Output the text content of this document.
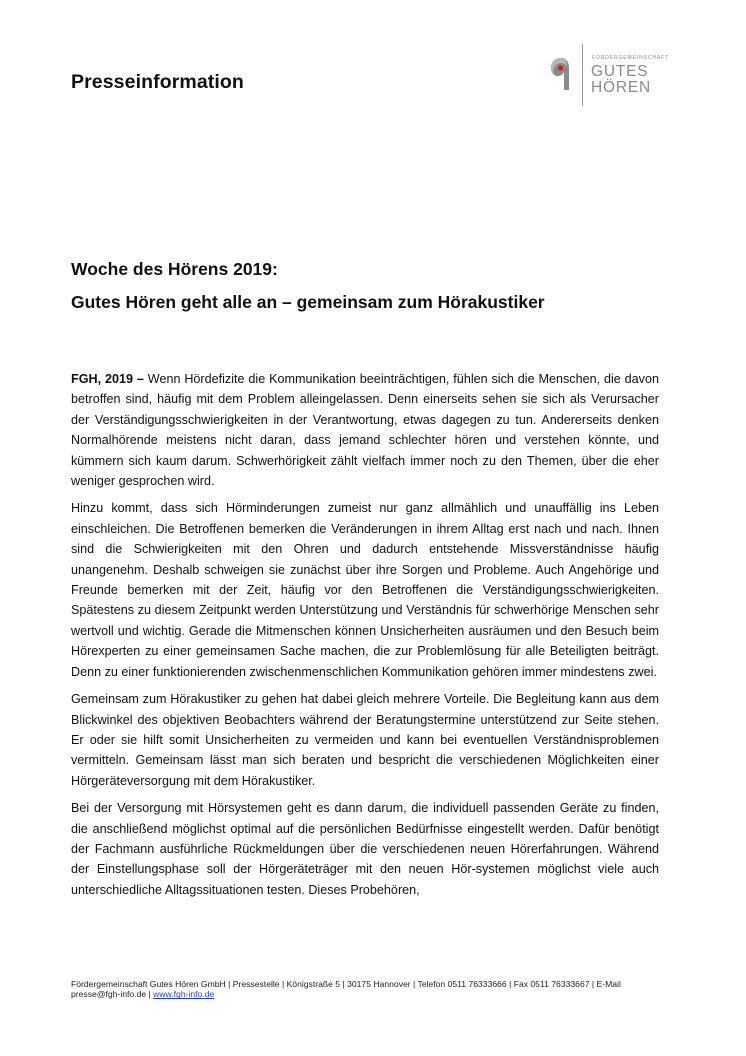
Presseinformation
FÖRDERGEMEINSCHAFT
GUTES
HÖREN
Woche des Hörens 2019:
Gutes Hören geht alle an – gemeinsam zum Hörakustiker

FGH, 2019 – Wenn Hördefizite die Kommunikation beeinträchtigen, fühlen sich die Menschen, die davon betroffen sind, häufig mit dem Problem alleingelassen. Denn einerseits sehen sie sich als Verursacher der Verständigungsschwierigkeiten in der Verantwortung, etwas dagegen zu tun. Andererseits denken Normalhörende meistens nicht daran, dass jemand schlechter hören und verstehen könnte, und kümmern sich kaum darum. Schwerhörigkeit zählt vielfach immer noch zu den Themen, über die eher weniger gesprochen wird.

Hinzu kommt, dass sich Hörminderungen zumeist nur ganz allmählich und unauffällig ins Leben einschleichen. Die Betroffenen bemerken die Veränderungen in ihrem Alltag erst nach und nach. Ihnen sind die Schwierigkeiten mit den Ohren und dadurch entstehende Missverständnisse häufig unangenehm. Deshalb schweigen sie zunächst über ihre Sorgen und Probleme. Auch Angehörige und Freunde bemerken mit der Zeit, häufig vor den Betroffenen die Verständigungsschwierigkeiten. Spätestens zu diesem Zeitpunkt werden Unterstützung und Verständnis für schwerhörige Menschen sehr wertvoll und wichtig. Gerade die Mitmenschen können Unsicherheiten ausräumen und den Besuch beim Hörexperten zu einer gemeinsamen Sache machen, die zur Problemlösung für alle Beteiligten beiträgt. Denn zu einer funktionierenden zwischenmenschlichen Kommunikation gehören immer mindestens zwei.

Gemeinsam zum Hörakustiker zu gehen hat dabei gleich mehrere Vorteile. Die Begleitung kann aus dem Blickwinkel des objektiven Beobachters während der Beratungstermine unterstützend zur Seite stehen. Er oder sie hilft somit Unsicherheiten zu vermeiden und kann bei eventuellen Verständnisproblemen vermitteln. Gemeinsam lässt man sich beraten und bespricht die verschiedenen Möglichkeiten einer Hörgeräteversorgung mit dem Hörakustiker.

Bei der Versorgung mit Hörsystemen geht es dann darum, die individuell passenden Geräte zu finden, die anschließend möglichst optimal auf die persönlichen Bedürfnisse eingestellt werden. Dafür benötigt der Fachmann ausführliche Rückmeldungen über die verschiedenen neuen Hörerfahrungen. Während der Einstellungsphase soll der Hörgeräteträger mit den neuen Hör-systemen möglichst viele auch unterschiedliche Alltagssituationen testen. Dieses Probehören,

Fördergemeinschaft Gutes Hören GmbH | Pressestelle | Königstraße 5 | 30175 Hannover | Telefon 0511 76333666 | Fax 0511 76333667 | E-Mail presse@fgh-info.de | www.fgh-info.de
